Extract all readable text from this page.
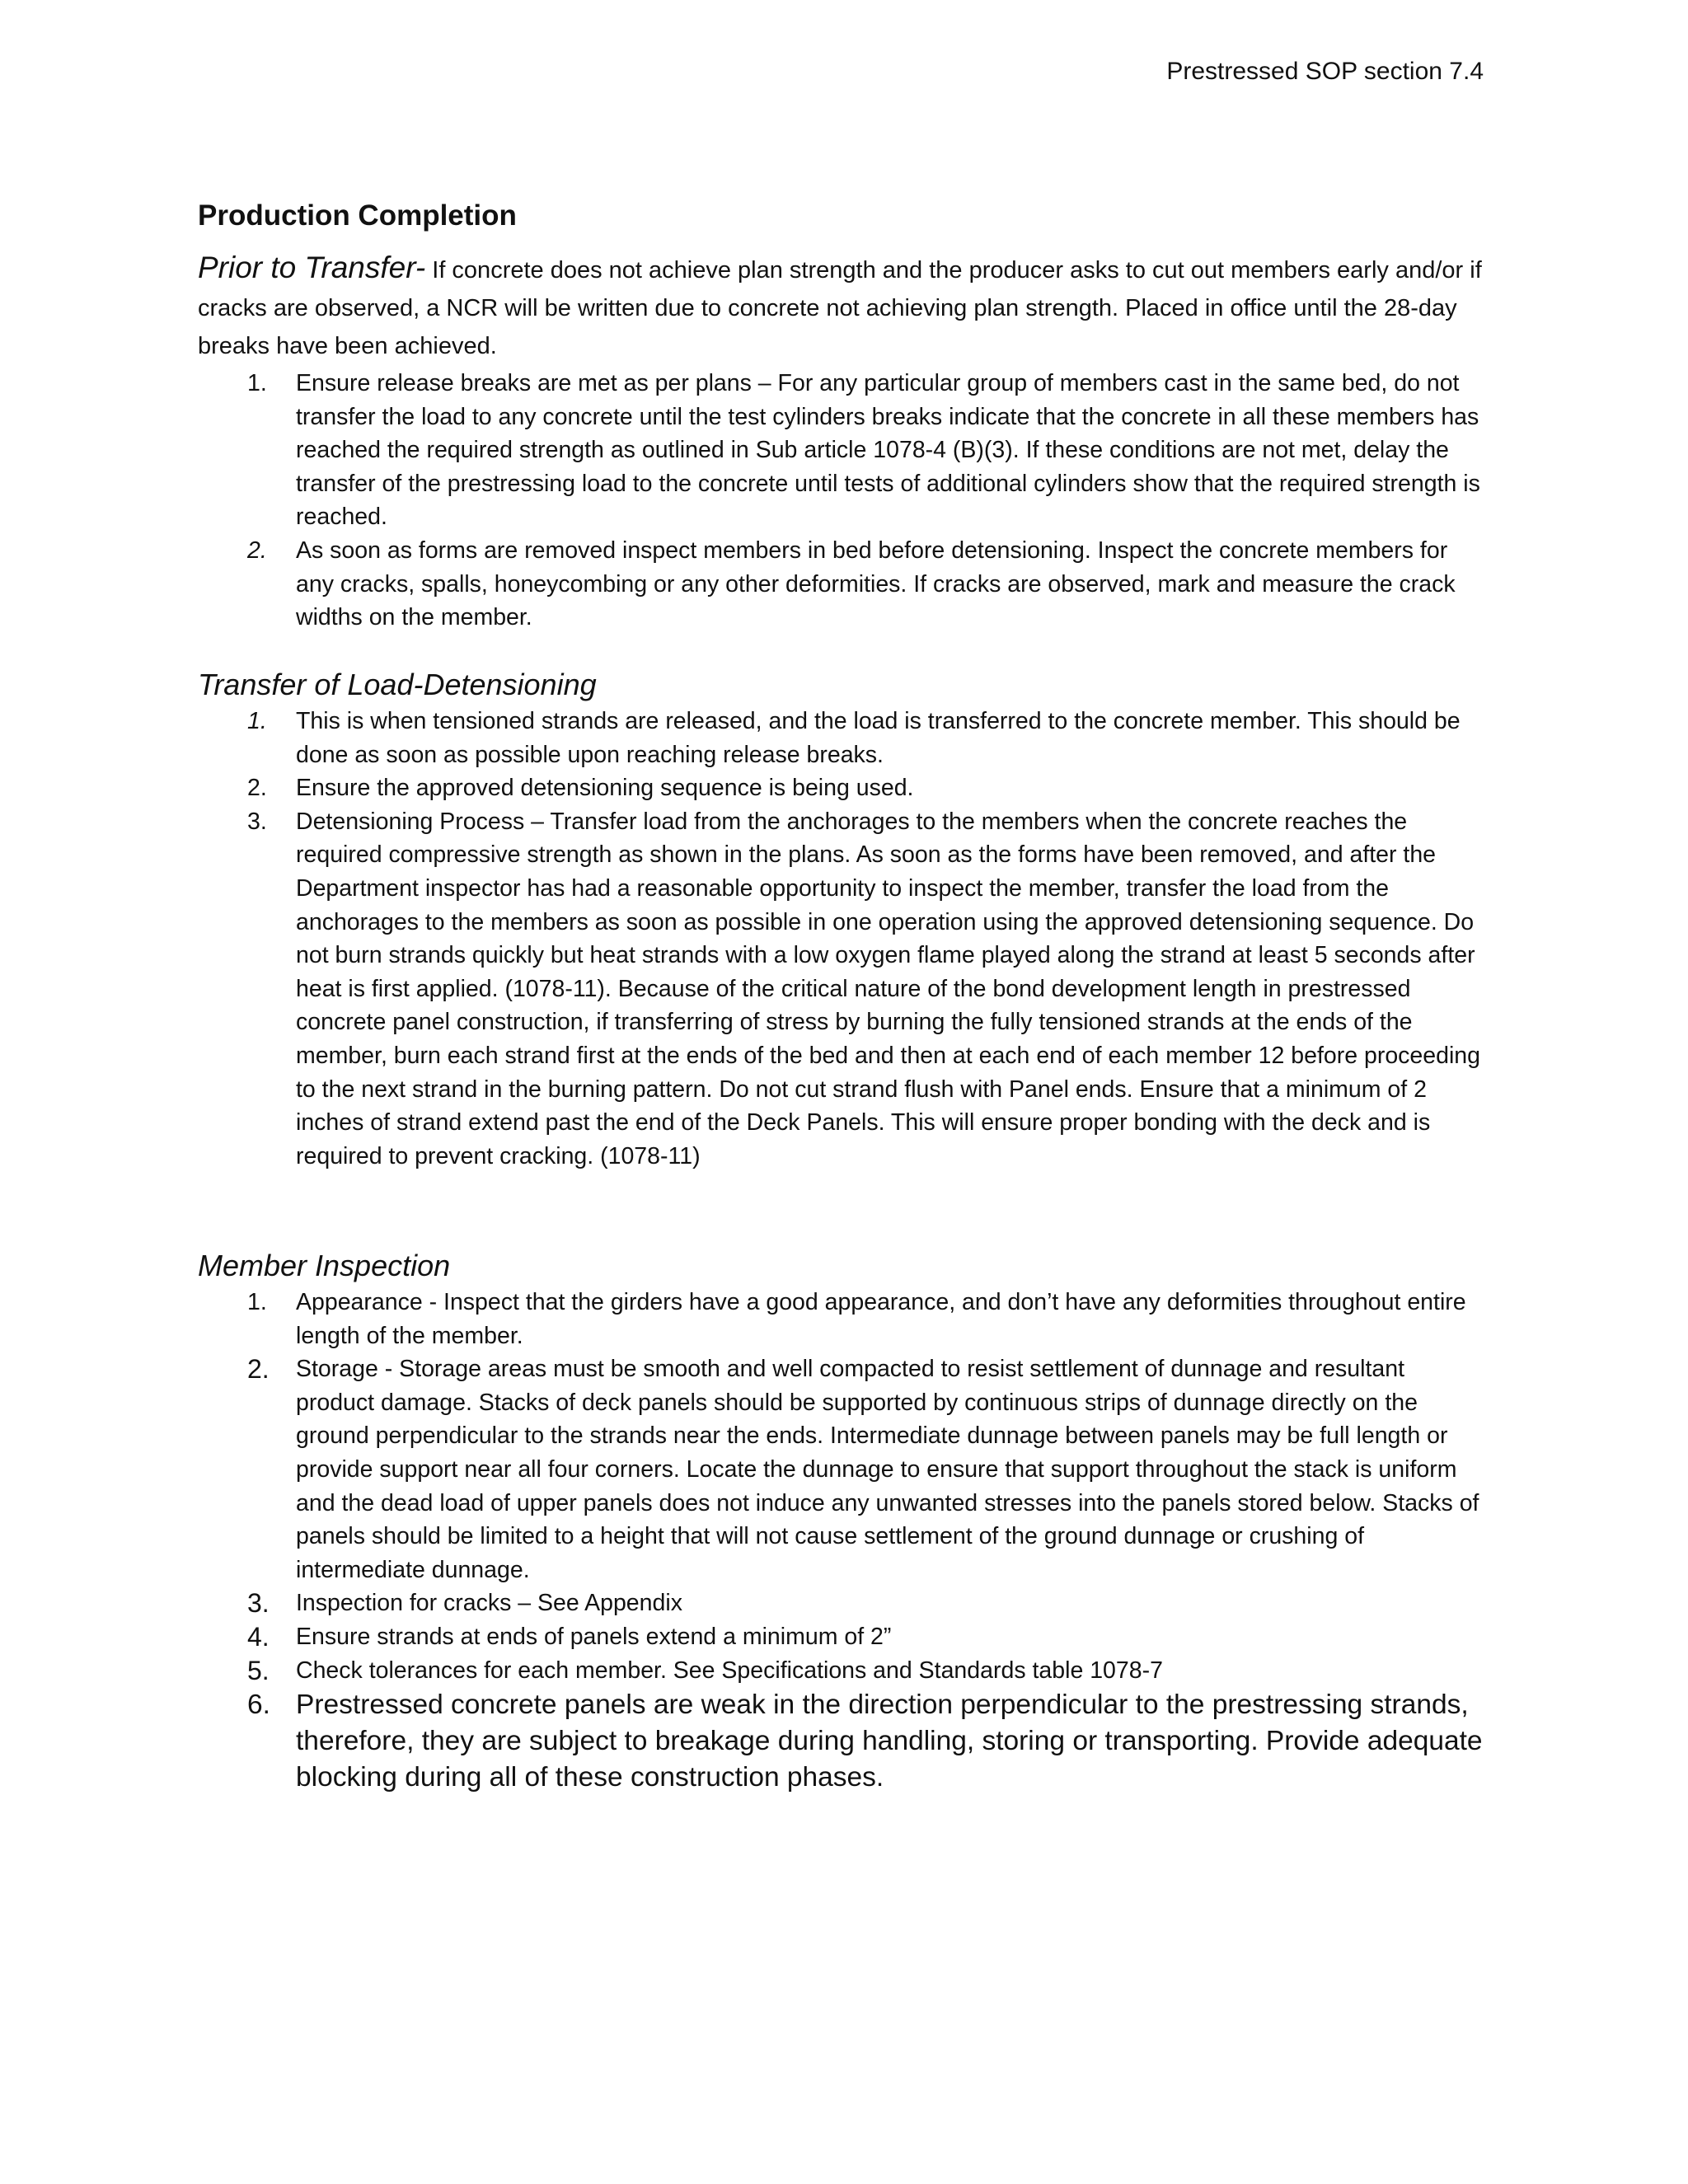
Prestressed SOP section 7.4
Production Completion
Prior to Transfer- If concrete does not achieve plan strength and the producer asks to cut out members early and/or if cracks are observed, a NCR will be written due to concrete not achieving plan strength. Placed in office until the 28-day breaks have been achieved.
1. Ensure release breaks are met as per plans – For any particular group of members cast in the same bed, do not transfer the load to any concrete until the test cylinders breaks indicate that the concrete in all these members has reached the required strength as outlined in Sub article 1078-4 (B)(3). If these conditions are not met, delay the transfer of the prestressing load to the concrete until tests of additional cylinders show that the required strength is reached.
2. As soon as forms are removed inspect members in bed before detensioning. Inspect the concrete members for any cracks, spalls, honeycombing or any other deformities. If cracks are observed, mark and measure the crack widths on the member.
Transfer of Load-Detensioning
1. This is when tensioned strands are released, and the load is transferred to the concrete member. This should be done as soon as possible upon reaching release breaks.
2. Ensure the approved detensioning sequence is being used.
3. Detensioning Process – Transfer load from the anchorages to the members when the concrete reaches the required compressive strength as shown in the plans. As soon as the forms have been removed, and after the Department inspector has had a reasonable opportunity to inspect the member, transfer the load from the anchorages to the members as soon as possible in one operation using the approved detensioning sequence. Do not burn strands quickly but heat strands with a low oxygen flame played along the strand at least 5 seconds after heat is first applied. (1078-11). Because of the critical nature of the bond development length in prestressed concrete panel construction, if transferring of stress by burning the fully tensioned strands at the ends of the member, burn each strand first at the ends of the bed and then at each end of each member 12 before proceeding to the next strand in the burning pattern. Do not cut strand flush with Panel ends. Ensure that a minimum of 2 inches of strand extend past the end of the Deck Panels. This will ensure proper bonding with the deck and is required to prevent cracking. (1078-11)
Member Inspection
1. Appearance - Inspect that the girders have a good appearance, and don’t have any deformities throughout entire length of the member.
2. Storage - Storage areas must be smooth and well compacted to resist settlement of dunnage and resultant product damage. Stacks of deck panels should be supported by continuous strips of dunnage directly on the ground perpendicular to the strands near the ends. Intermediate dunnage between panels may be full length or provide support near all four corners. Locate the dunnage to ensure that support throughout the stack is uniform and the dead load of upper panels does not induce any unwanted stresses into the panels stored below. Stacks of panels should be limited to a height that will not cause settlement of the ground dunnage or crushing of intermediate dunnage.
3. Inspection for cracks – See Appendix
4. Ensure strands at ends of panels extend a minimum of 2”
5. Check tolerances for each member. See Specifications and Standards table 1078-7
6. Prestressed concrete panels are weak in the direction perpendicular to the prestressing strands, therefore, they are subject to breakage during handling, storing or transporting. Provide adequate blocking during all of these construction phases.
